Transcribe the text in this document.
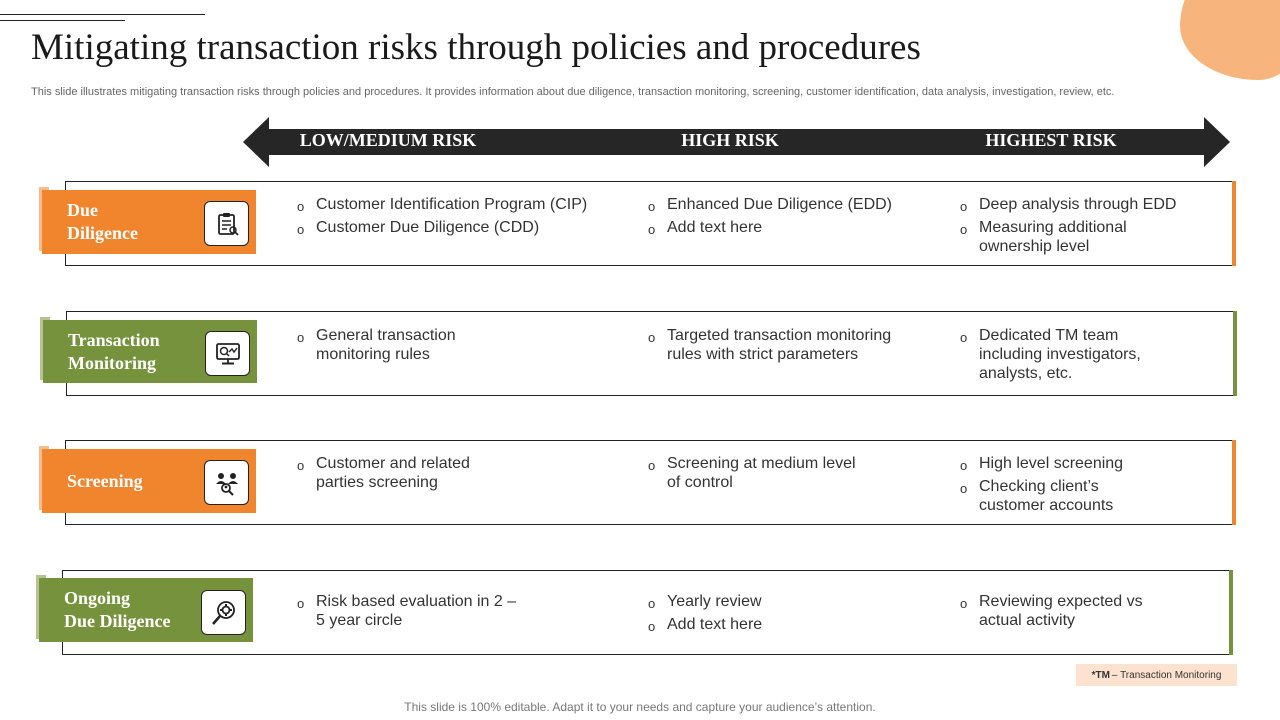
Mitigating transaction risks through policies and procedures
This slide illustrates mitigating transaction risks through policies and procedures. It provides information about due diligence, transaction monitoring, screening, customer identification, data analysis, investigation, review, etc.
LOW/MEDIUM RISK	HIGH RISK	HIGHEST RISK
Due
Diligence
o Customer Identification Program (CIP)
o Customer Due Diligence (CDD)
o Enhanced Due Diligence (EDD)
o Add text here
o Deep analysis through EDD
o Measuring additional
ownership level
Transaction
Monitoring
o General transaction
monitoring rules
o Targeted transaction monitoring
rules with strict parameters
o Dedicated TM team
including investigators,
analysts, etc.
Screening
o Customer and related
parties screening
o Screening at medium level
of control
o High level screening
o Checking client’s
customer accounts
Ongoing
Due Diligence
o Risk based evaluation in 2 –
5 year circle
o Yearly review
o Add text here
o Reviewing expected vs
actual activity
*TM – Transaction Monitoring
This slide is 100% editable. Adapt it to your needs and capture your audience’s attention.
